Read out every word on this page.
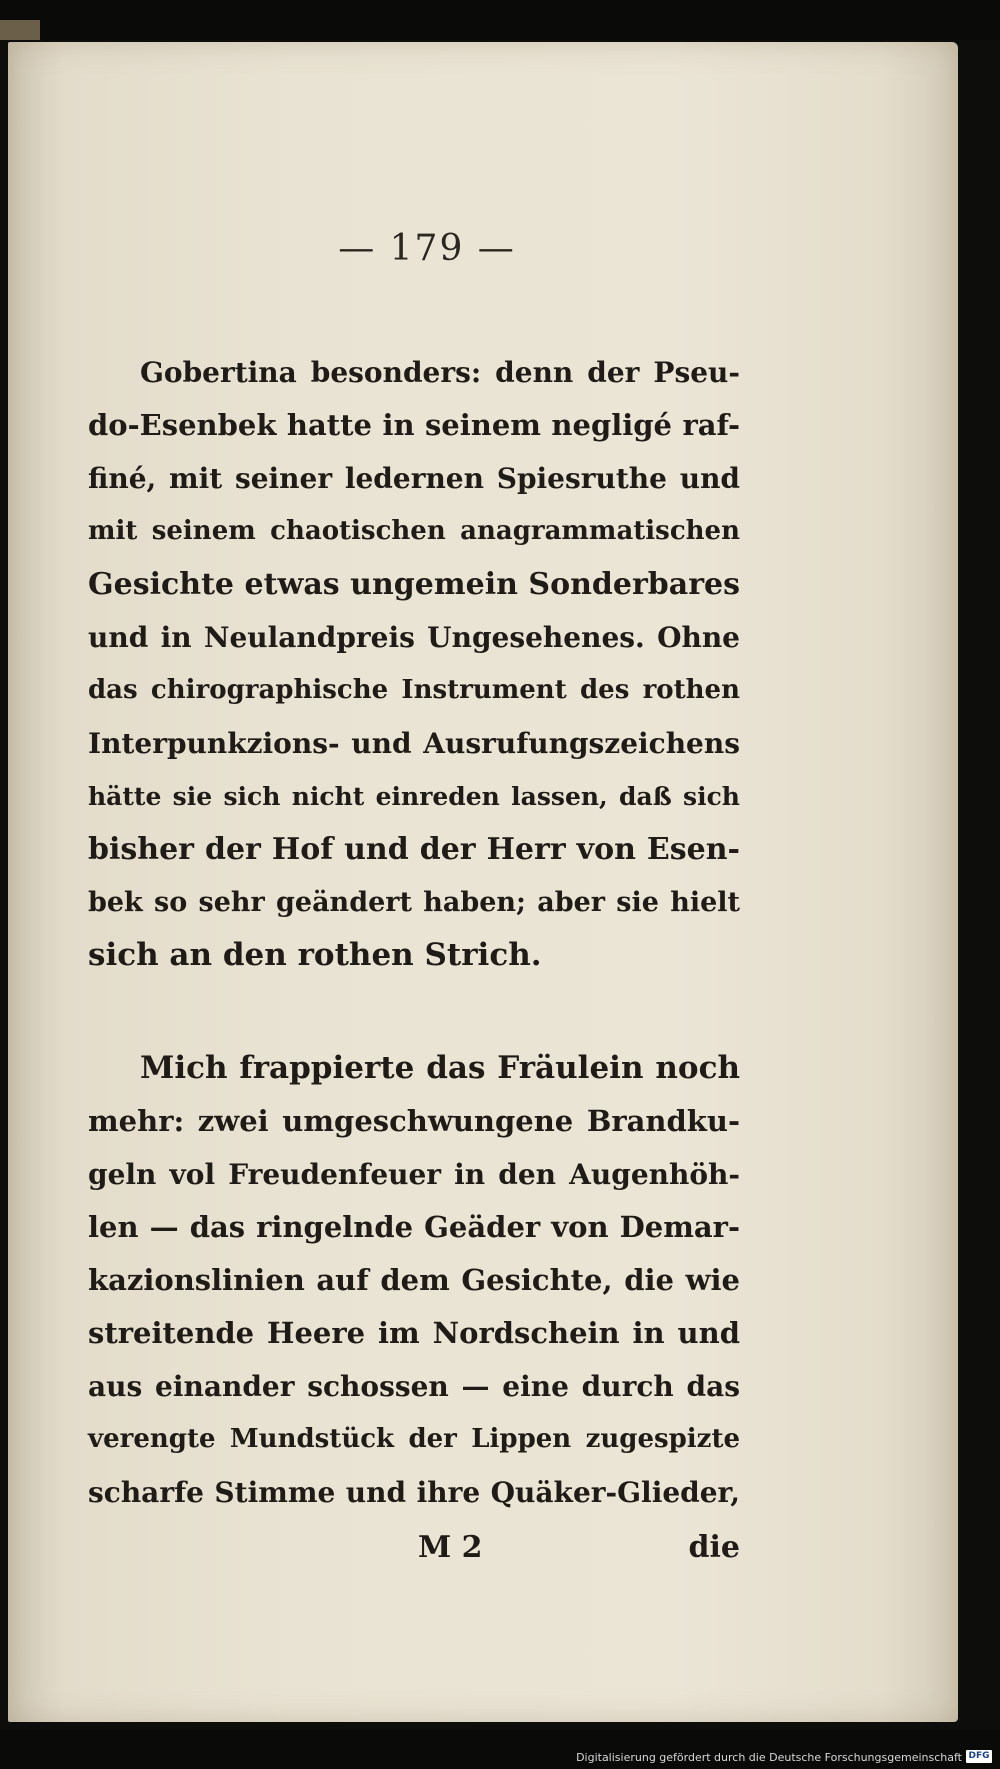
— 179 —
Gobertina besonders: denn der Pseu-
do-Esenbek hatte in seinem negligé raf-
finé, mit seiner ledernen Spiesruthe und
mit seinem chaotischen anagrammatischen
Gesichte etwas ungemein Sonderbares
und in Neulandpreis Ungesehenes. Ohne
das chirographische Instrument des rothen
Interpunkzions- und Ausrufungszeichens
hätte sie sich nicht einreden lassen, daß sich
bisher der Hof und der Herr von Esen-
bek so sehr geändert haben; aber sie hielt
sich an den rothen Strich.
Mich frappierte das Fräulein noch
mehr: zwei umgeschwungene Brandku-
geln vol Freudenfeuer in den Augenhöh-
len — das ringelnde Geäder von Demar-
kazionslinien auf dem Gesichte, die wie
streitende Heere im Nordschein in und
aus einander schossen — eine durch das
verengte Mundstück der Lippen zugespizte
scharfe Stimme und ihre Quäker-Glieder,
M 2	die
Digitalisierung gefördert durch die Deutsche Forschungsgemeinschaft DFG
